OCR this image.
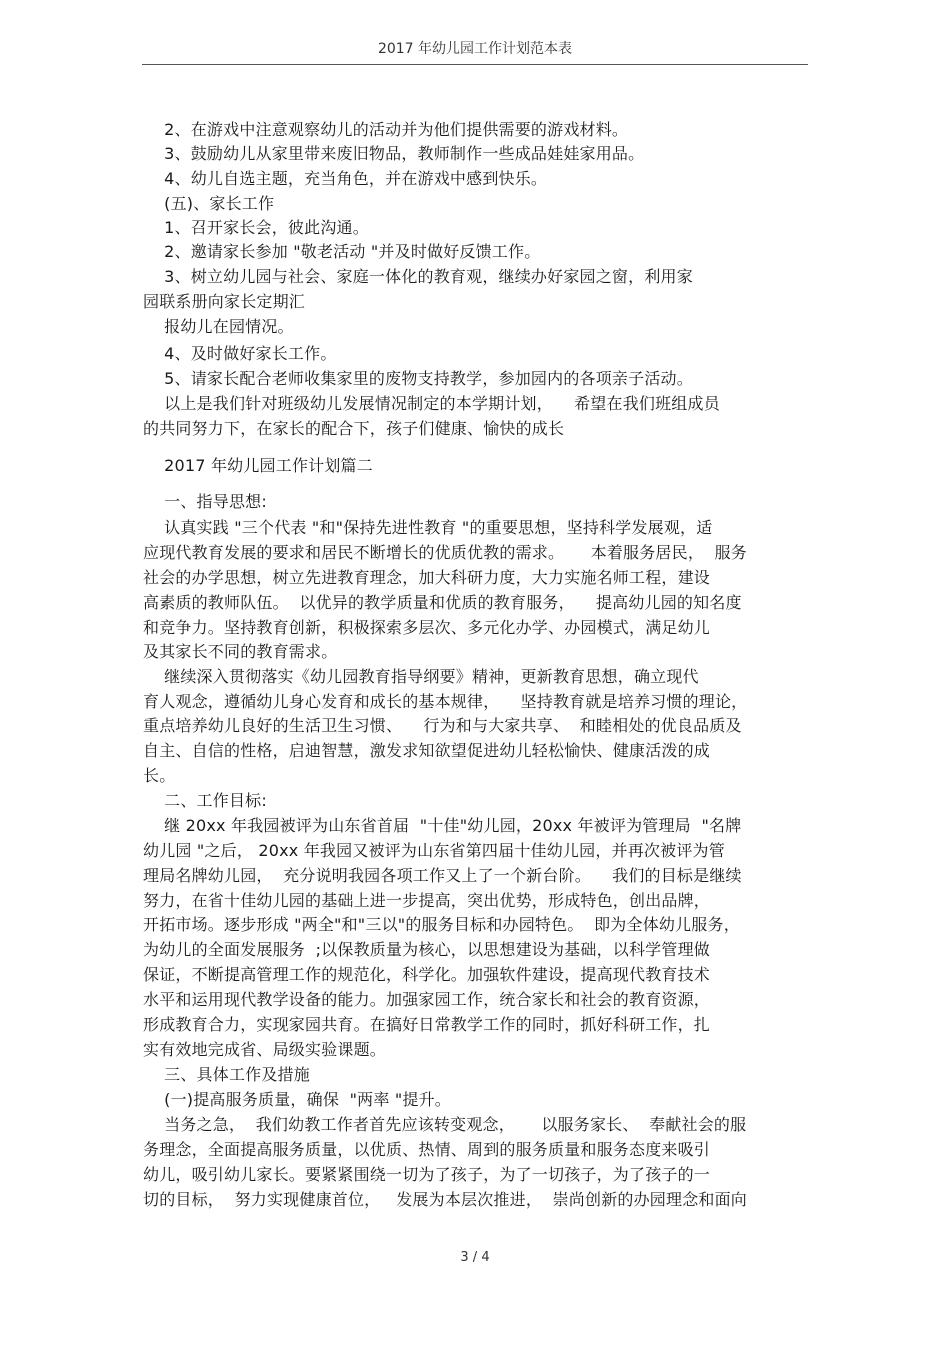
2017 年幼儿园工作计划范本表
2、在游戏中注意观察幼儿的活动并为他们提供需要的游戏材料。
3、鼓励幼儿从家里带来废旧物品，教师制作一些成品娃娃家用品。
4、幼儿自选主题，充当角色，并在游戏中感到快乐。
(五)、家长工作
1、召开家长会，彼此沟通。
2、邀请家长参加 "敬老活动 "并及时做好反馈工作。
3、树立幼儿园与社会、家庭一体化的教育观，继续办好家园之窗，利用家
园联系册向家长定期汇
报幼儿在园情况。
4、及时做好家长工作。
5、请家长配合老师收集家里的废物支持教学，参加园内的各项亲子活动。
以上是我们针对班级幼儿发展情况制定的本学期计划，    希望在我们班组成员
的共同努力下，在家长的配合下，孩子们健康、愉快的成长
2017 年幼儿园工作计划篇二
一、指导思想:
认真实践 "三个代表 "和"保持先进性教育 "的重要思想，坚持科学发展观，适
应现代教育发展的要求和居民不断增长的优质优教的需求。     本着服务居民，  服务
社会的办学思想，树立先进教育理念，加大科研力度，大力实施名师工程，建设
高素质的教师队伍。  以优异的教学质量和优质的教育服务，    提高幼儿园的知名度
和竞争力。坚持教育创新，积极探索多层次、多元化办学、办园模式，满足幼儿
及其家长不同的教育需求。
继续深入贯彻落实《幼儿园教育指导纲要》精神，更新教育思想，确立现代
育人观念，遵循幼儿身心发育和成长的基本规律，    坚持教育就是培养习惯的理论，
重点培养幼儿良好的生活卫生习惯、    行为和与大家共享、  和睦相处的优良品质及
自主、自信的性格，启迪智慧，激发求知欲望促进幼儿轻松愉快、健康活泼的成
长。
二、工作目标:
继 20xx 年我园被评为山东省首届  "十佳"幼儿园，20xx 年被评为管理局  "名牌
幼儿园 "之后， 20xx 年我园又被评为山东省第四届十佳幼儿园，并再次被评为管
理局名牌幼儿园，  充分说明我园各项工作又上了一个新台阶。    我们的目标是继续
努力，在省十佳幼儿园的基础上进一步提高，突出优势，形成特色，创出品牌，
开拓市场。逐步形成 "两全"和"三以"的服务目标和办园特色。  即为全体幼儿服务，
为幼儿的全面发展服务  ;以保教质量为核心，以思想建设为基础，以科学管理做
保证，不断提高管理工作的规范化，科学化。加强软件建设，提高现代教育技术
水平和运用现代教学设备的能力。加强家园工作，统合家长和社会的教育资源，
形成教育合力，实现家园共育。在搞好日常教学工作的同时，抓好科研工作，扎
实有效地完成省、局级实验课题。
三、具体工作及措施
(一)提高服务质量，确保  "两率 "提升。
当务之急，  我们幼教工作者首先应该转变观念，     以服务家长、  奉献社会的服
务理念，全面提高服务质量，以优质、热情、周到的服务质量和服务态度来吸引
幼儿，吸引幼儿家长。要紧紧围绕一切为了孩子，为了一切孩子，为了孩子的一
切的目标，  努力实现健康首位，   发展为本层次推进，  崇尚创新的办园理念和面向
3 / 4
